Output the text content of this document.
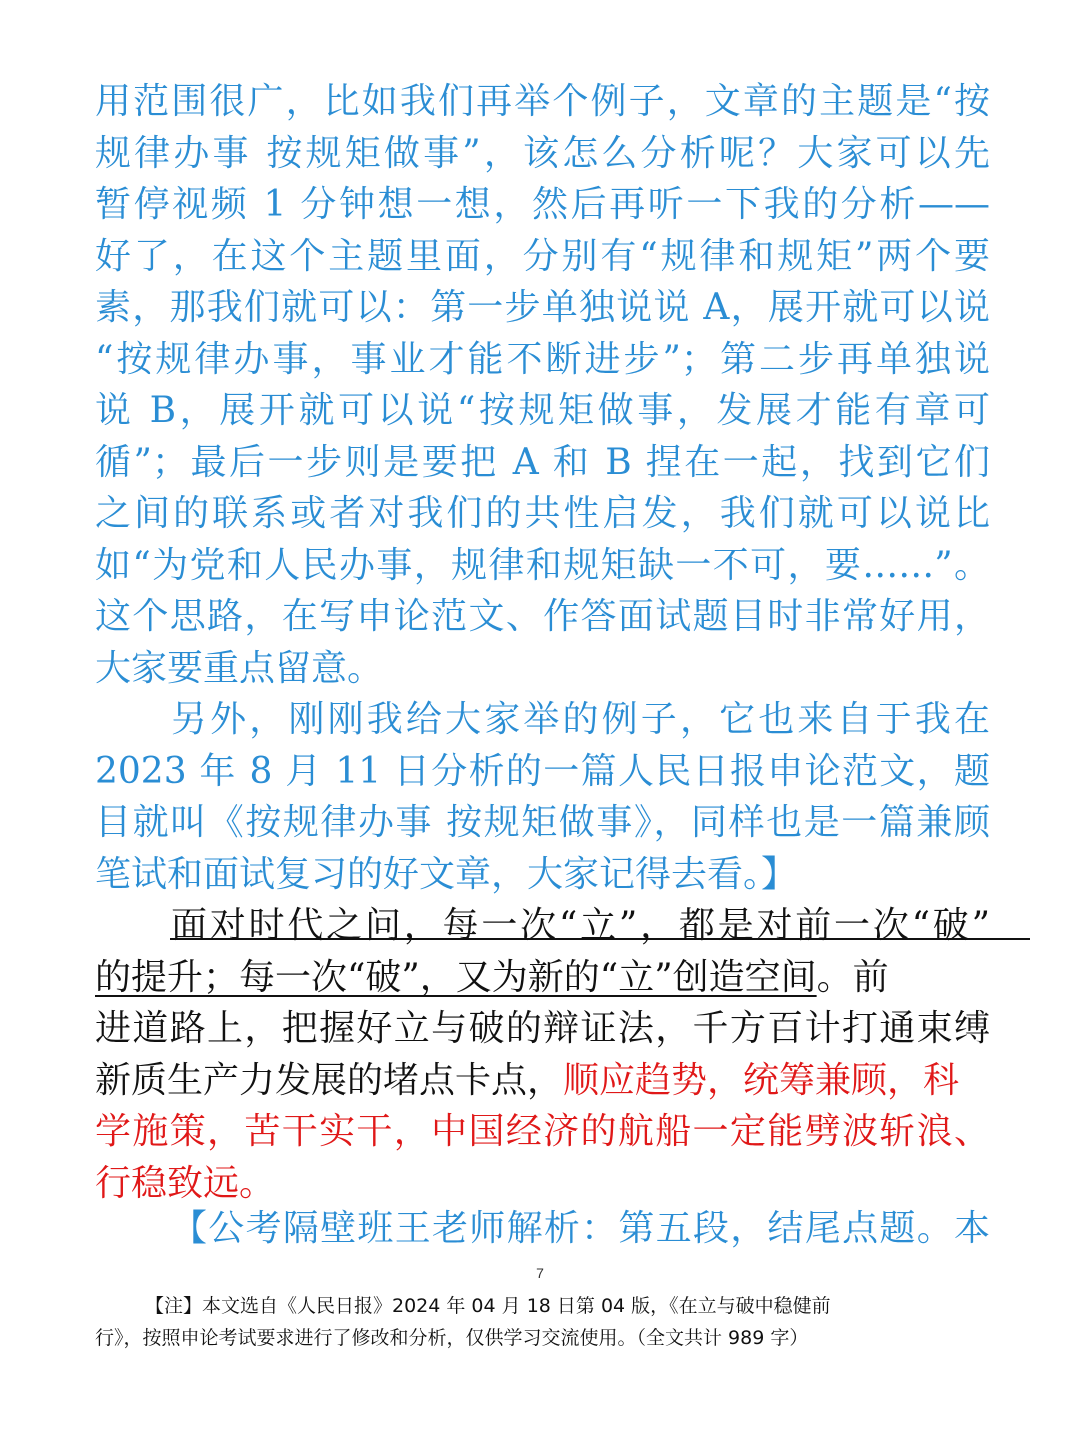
用范围很广，比如我们再举个例子，文章的主题是“按
规律办事 按规矩做事”，该怎么分析呢？大家可以先
暂停视频 1 分钟想一想，然后再听一下我的分析——
好了，在这个主题里面，分别有“规律和规矩”两个要
素，那我们就可以：第一步单独说说 A，展开就可以说
“按规律办事，事业才能不断进步”；第二步再单独说
说 B，展开就可以说“按规矩做事，发展才能有章可
循”；最后一步则是要把 A 和 B 捏在一起，找到它们
之间的联系或者对我们的共性启发，我们就可以说比
如“为党和人民办事，规律和规矩缺一不可，要……”。
这个思路，在写申论范文、作答面试题目时非常好用，
大家要重点留意。
另外，刚刚我给大家举的例子，它也来自于我在
2023 年 8 月 11 日分析的一篇人民日报申论范文，题
目就叫《按规律办事 按规矩做事》，同样也是一篇兼顾
笔试和面试复习的好文章，大家记得去看。】
面对时代之问，每一次“立”，都是对前一次“破”
的提升；每一次“破”，又为新的“立”创造空间。前
进道路上，把握好立与破的辩证法，千方百计打通束缚
新质生产力发展的堵点卡点，顺应趋势，统筹兼顾，科
学施策，苦干实干，中国经济的航船一定能劈波斩浪、
行稳致远。
【公考隔壁班王老师解析：第五段，结尾点题。本
7
【注】本文选自《人民日报》2024 年 04 月 18 日第 04 版，《在立与破中稳健前
行》，按照申论考试要求进行了修改和分析，仅供学习交流使用。（全文共计 989 字）
